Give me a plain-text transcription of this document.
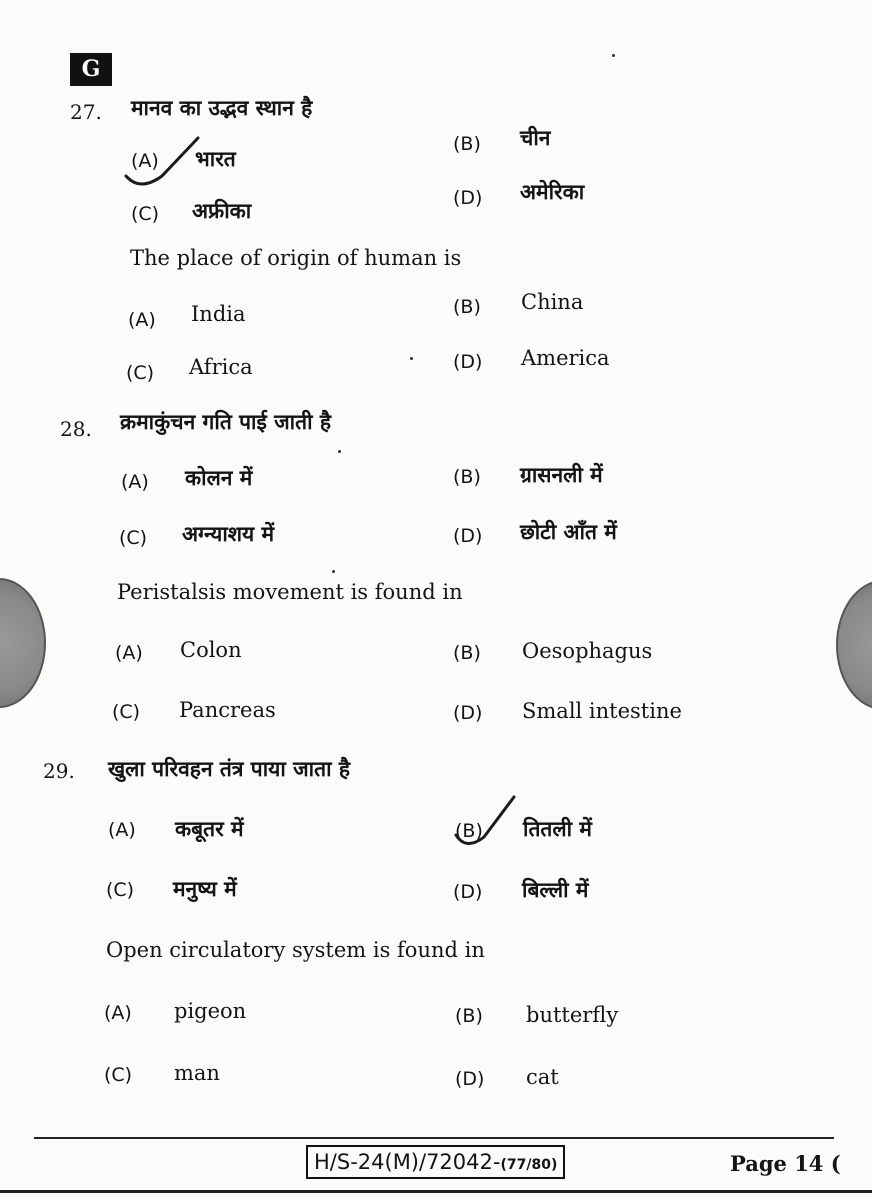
G
27. मानव का उद्भव स्थान है
(A) भारत
(B) चीन
(C) अफ्रीका
(D) अमेरिका
The place of origin of human is
(A) India	(B) China
(C) Africa	(D) America
28. क्रमाकुंचन गति पाई जाती है
(A) कोलन में	(B) ग्रासनली में
(C) अग्न्याशय में	(D) छोटी आँत में
Peristalsis movement is found in
(A) Colon	(B) Oesophagus
(C) Pancreas	(D) Small intestine
29. खुला परिवहन तंत्र पाया जाता है
(A) कबूतर में	(B) तितली में
(C) मनुष्य में	(D) बिल्ली में
Open circulatory system is found in
(A) pigeon	(B) butterfly
(C) man	(D) cat
H/S-24(M)/72042-(77/80)	Page 14 (
